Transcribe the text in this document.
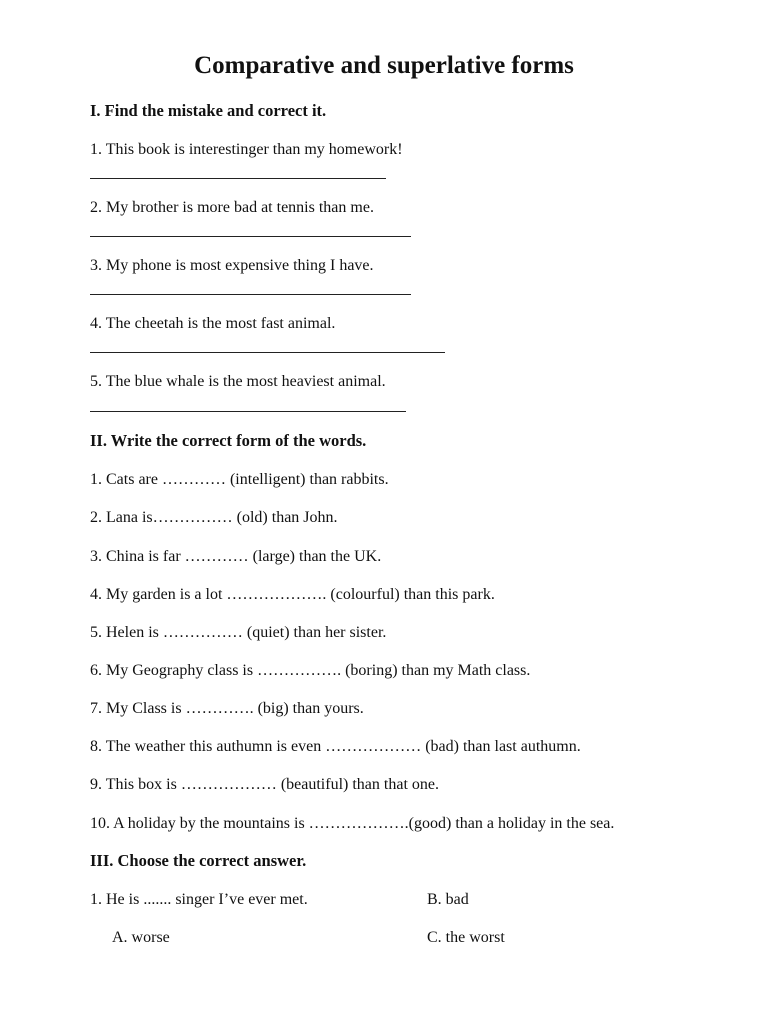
Comparative and superlative forms
I. Find the mistake and correct it.
1. This book is interestinger than my homework!
2. My brother is more bad at tennis than me.
3. My phone is most expensive thing I have.
4. The cheetah is the most fast animal.
5. The blue whale is the most heaviest animal.
II. Write the correct form of the words.
1. Cats are ………… (intelligent) than rabbits.
2. Lana is…………… (old) than John.
3. China is far ………… (large) than the UK.
4. My garden is a lot ………………. (colourful) than this park.
5. Helen is …………… (quiet) than her sister.
6. My Geography class is ……………. (boring) than my Math class.
7. My Class is …………. (big) than yours.
8. The weather this authumn is even ……………… (bad) than last authumn.
9. This box is ……………… (beautiful) than that one.
10. A holiday by the mountains is ……………….(good) than a holiday in the sea.
III. Choose the correct answer.
1. He is ....... singer I’ve ever met.	B. bad
A. worse	C. the worst
